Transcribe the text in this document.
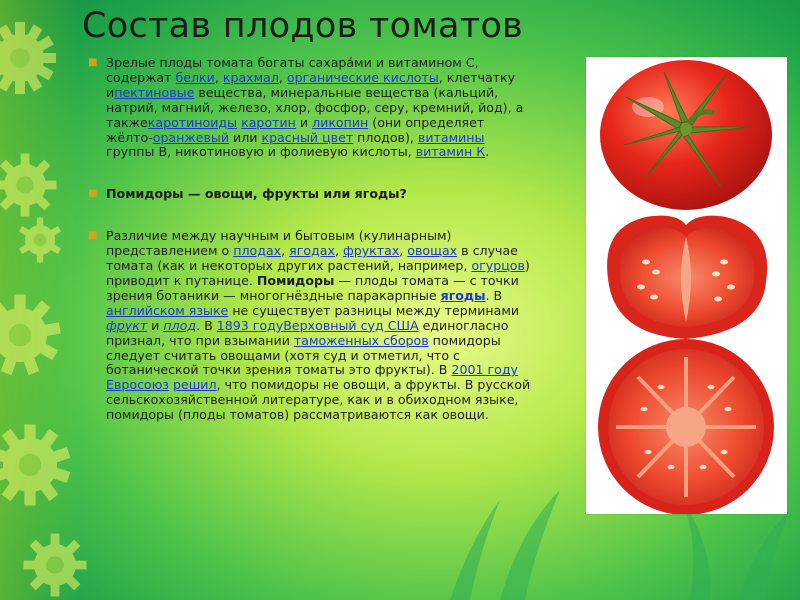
Состав плодов томатов
■ Зрелые плоды томата богаты сахара́ми и витамином С, содержат белки, крахмал, органические кислоты, клетчатку ипектиновые вещества, минеральные вещества (кальций, натрий, магний, железо, хлор, фосфор, серу, кремний, йод), а такжекаротиноиды каротин и ликопин (они определяет жёлто-оранжевый или красный цвет плодов), витамины группы В, никотиновую и фолиевую кислоты, витамин К.
■ Помидоры — овощи, фрукты или ягоды?
■ Различие между научным и бытовым (кулинарным) представлением о плодах, ягодах, фруктах, овощах в случае томата (как и некоторых других растений, например, огурцов) приводит к путанице. Помидоры — плоды томата — с точки зрения ботаники — многогнёздные паракарпные ягоды. В английском языке не существует разницы между терминами фрукт и плод. В 1893 годуВерховный суд США единогласно признал, что при взымании таможенных сборов помидоры следует считать овощами (хотя суд и отметил, что с ботанической точки зрения томаты это фрукты). В 2001 году Евросоюз решил, что помидоры не овощи, а фрукты. В русской сельскохозяйственной литературе, как и в обиходном языке, помидоры (плоды томатов) рассматриваются как овощи.
